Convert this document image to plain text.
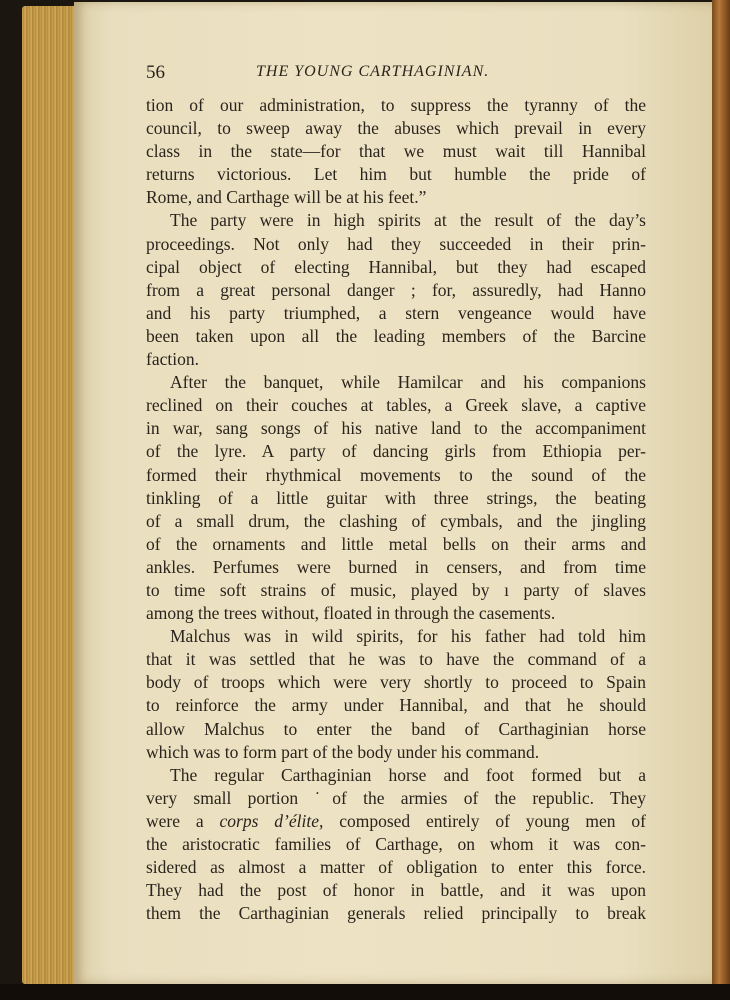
56	THE YOUNG CARTHAGINIAN.
tion of our administration, to suppress the tyranny of the
council, to sweep away the abuses which prevail in every
class in the state—for that we must wait till Hannibal
returns victorious. Let him but humble the pride of
Rome, and Carthage will be at his feet.”
The party were in high spirits at the result of the day’s
proceedings. Not only had they succeeded in their prin-
cipal object of electing Hannibal, but they had escaped
from a great personal danger ; for, assuredly, had Hanno
and his party triumphed, a stern vengeance would have
been taken upon all the leading members of the Barcine
faction.
After the banquet, while Hamilcar and his companions
reclined on their couches at tables, a Greek slave, a captive
in war, sang songs of his native land to the accompaniment
of the lyre. A party of dancing girls from Ethiopia per-
formed their rhythmical movements to the sound of the
tinkling of a little guitar with three strings, the beating
of a small drum, the clashing of cymbals, and the jingling
of the ornaments and little metal bells on their arms and
ankles. Perfumes were burned in censers, and from time
to time soft strains of music, played by ı party of slaves
among the trees without, floated in through the casements.
Malchus was in wild spirits, for his father had told him
that it was settled that he was to have the command of a
body of troops which were very shortly to proceed to Spain
to reinforce the army under Hannibal, and that he should
allow Malchus to enter the band of Carthaginian horse
which was to form part of the body under his command.
The regular Carthaginian horse and foot formed but a
very small portion ˙of the armies of the republic. They
were a corps d’élite, composed entirely of young men of
the aristocratic families of Carthage, on whom it was con-
sidered as almost a matter of obligation to enter this force.
They had the post of honor in battle, and it was upon
them the Carthaginian generals relied principally to break
